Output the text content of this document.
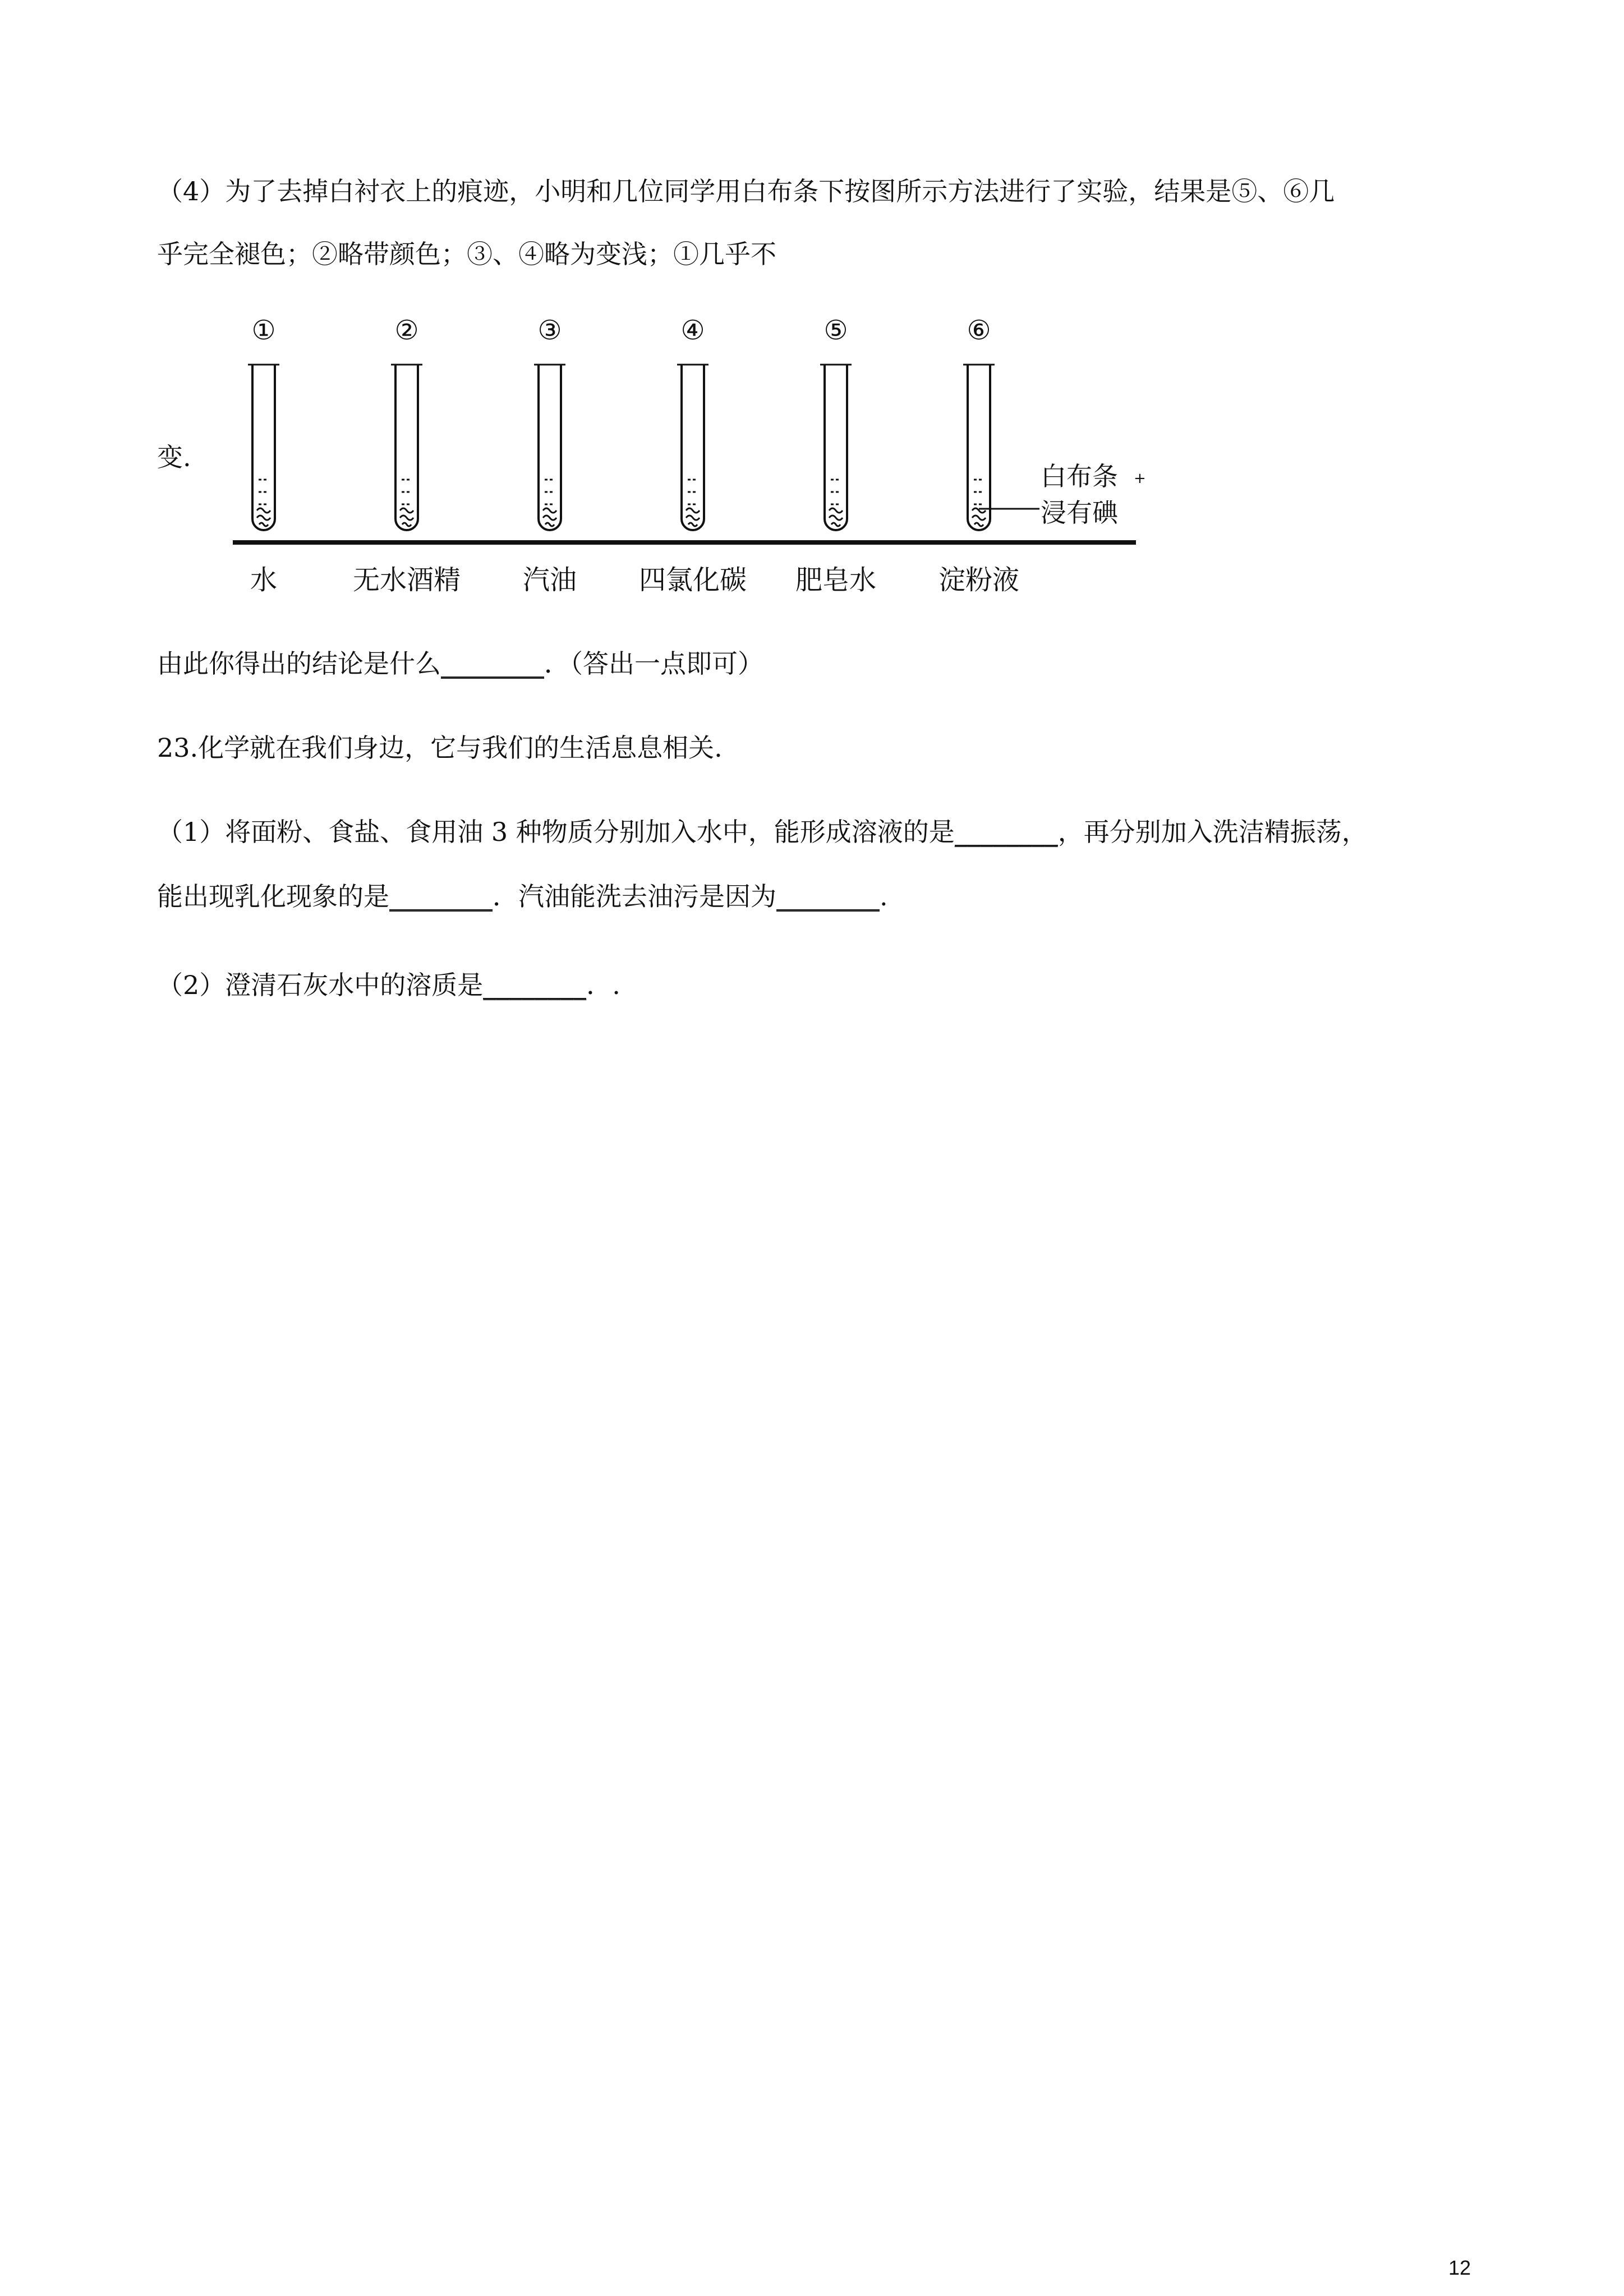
（4）为了去掉白衬衣上的痕迹，小明和几位同学用白布条下按图所示方法进行了实验，结果是⑤、⑥几
乎完全褪色；②略带颜色；③、④略为变浅；①几乎不
变.
①
水
②
无水酒精
③
汽油
④
四氯化碳
⑤
肥皂水
⑥
淀粉液
白布条
浸有碘
+
由此你得出的结论是什么________．（答出一点即可）
23.化学就在我们身边，它与我们的生活息息相关.
（1）将面粉、食盐、食用油 3 种物质分别加入水中，能形成溶液的是________，再分别加入洗洁精振荡，
能出现乳化现象的是________．汽油能洗去油污是因为________.
（2）澄清石灰水中的溶质是________．.
12
